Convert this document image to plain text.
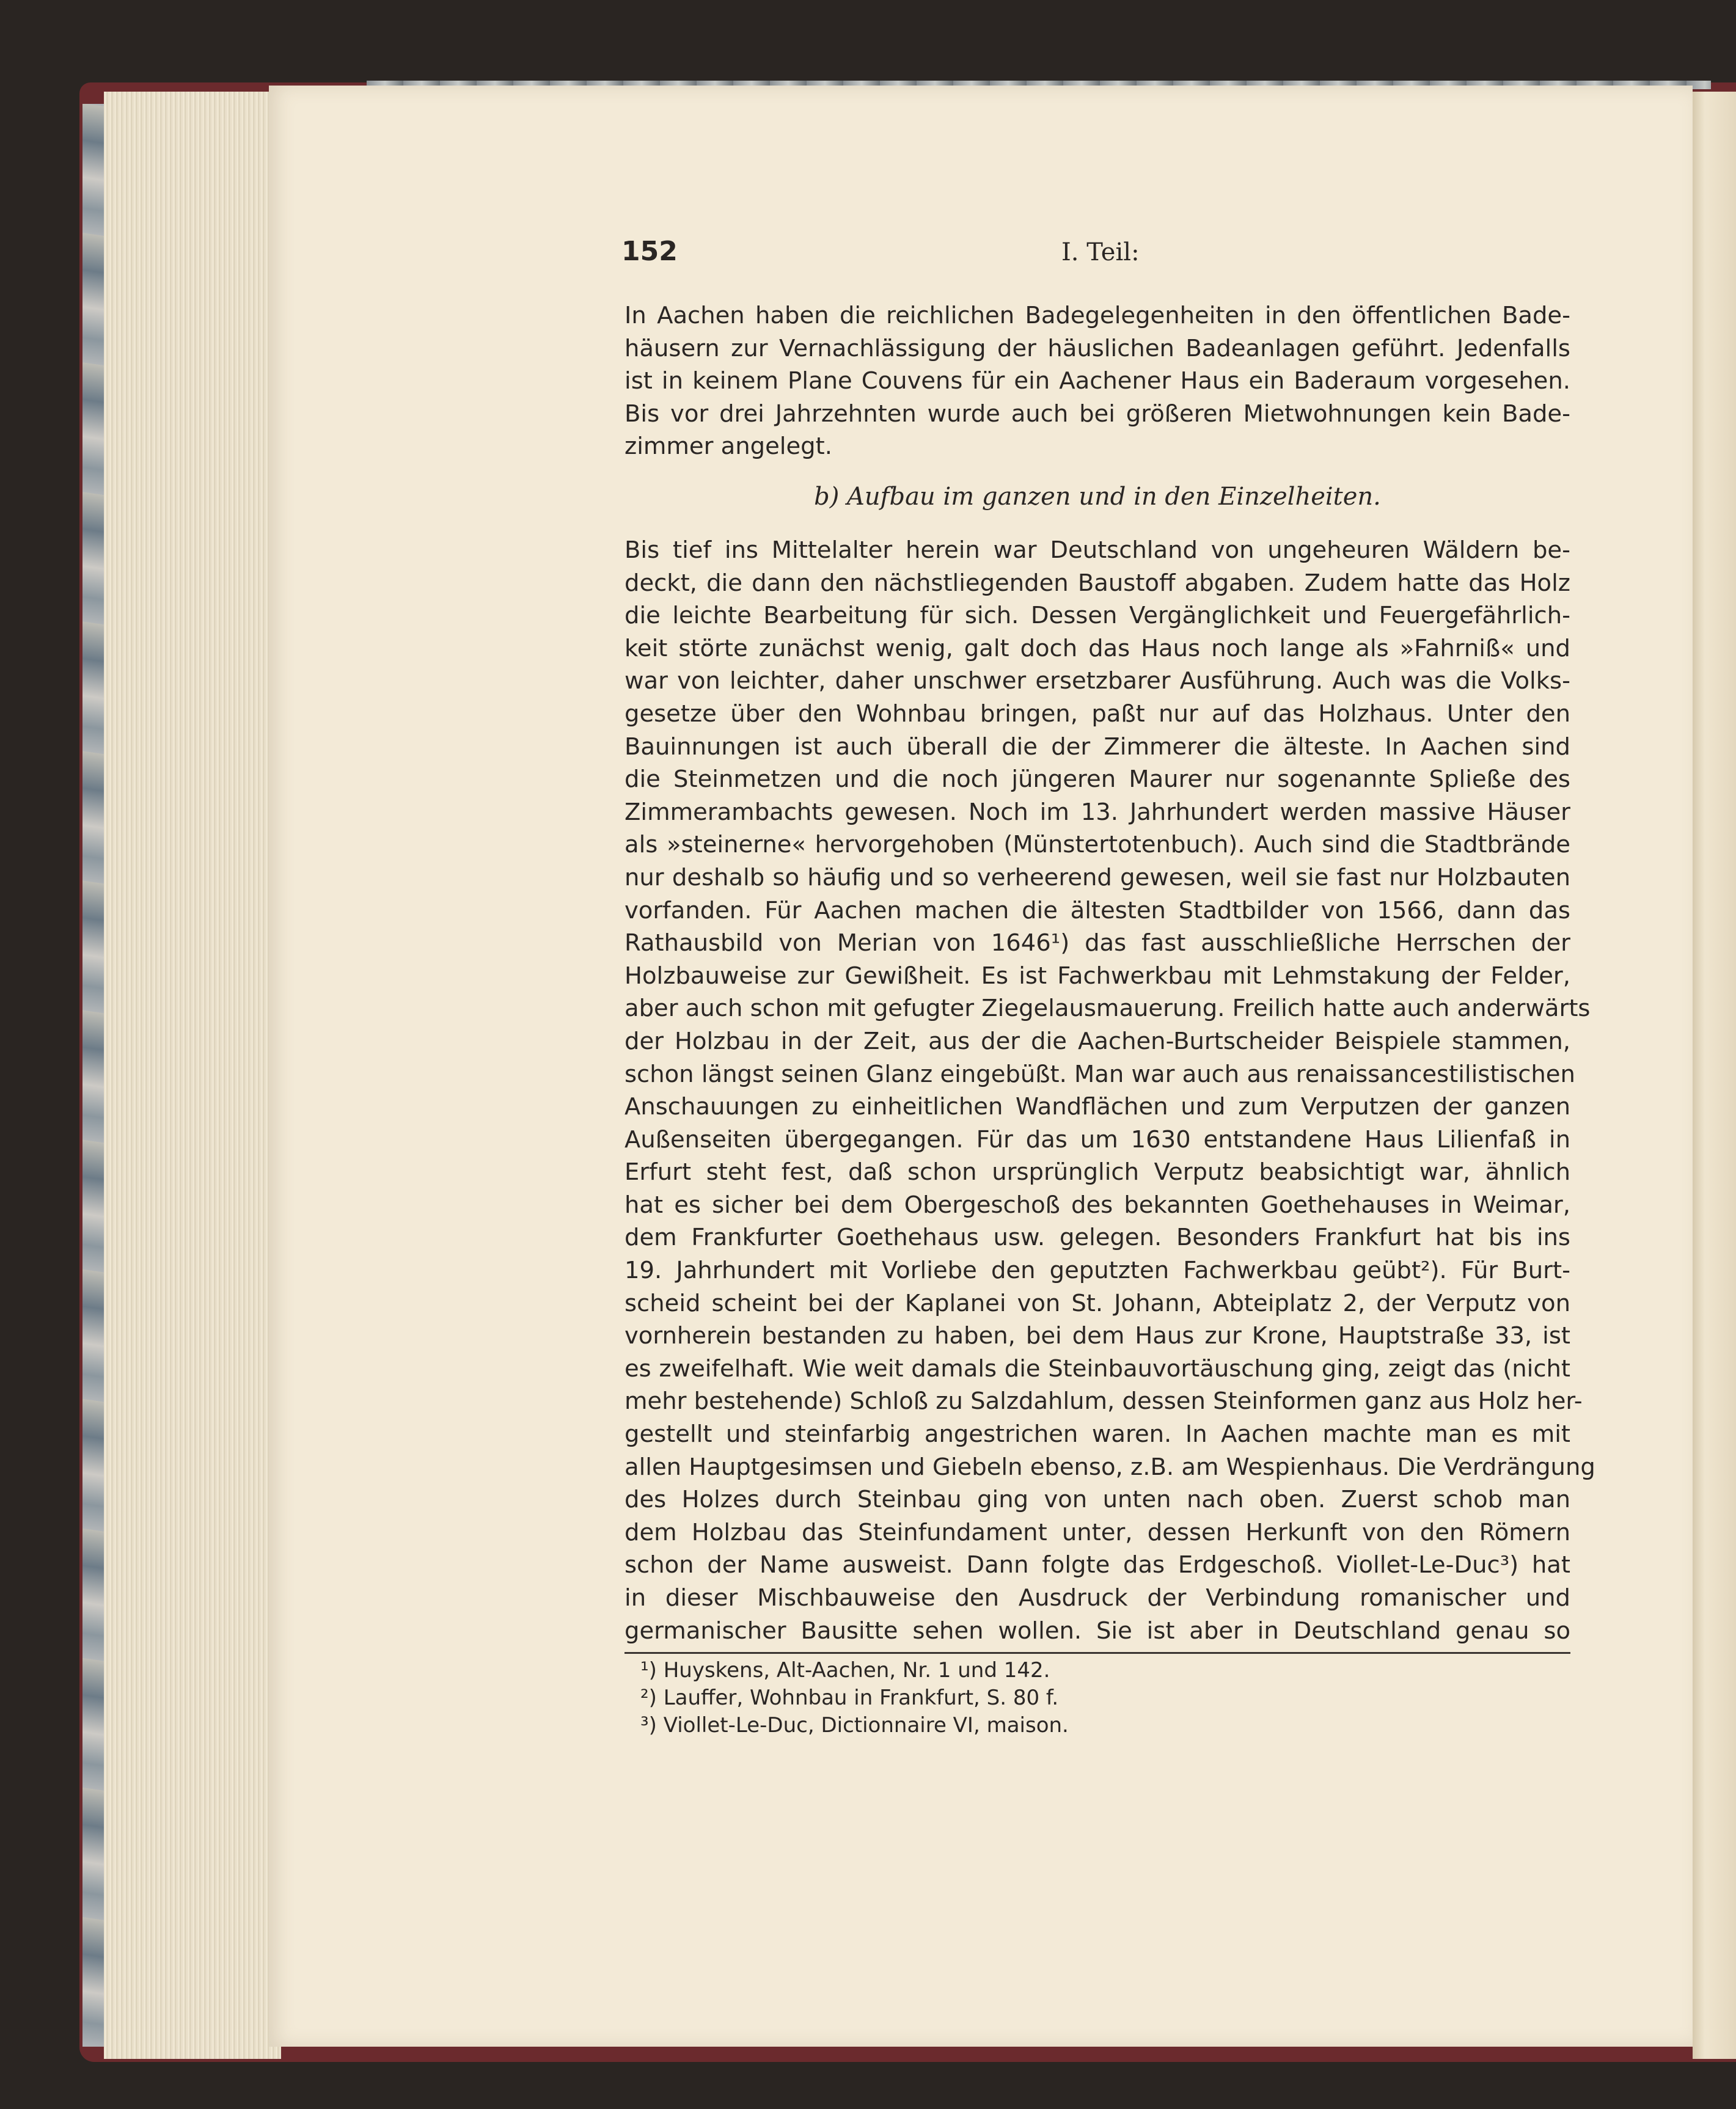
152	I. Teil:
In Aachen haben die reichlichen Badegelegenheiten in den öffentlichen Bade-
häusern zur Vernachlässigung der häuslichen Badeanlagen geführt. Jedenfalls
ist in keinem Plane Couvens für ein Aachener Haus ein Baderaum vorgesehen.
Bis vor drei Jahrzehnten wurde auch bei größeren Mietwohnungen kein Bade-
zimmer angelegt.

b) Aufbau im ganzen und in den Einzelheiten.

Bis tief ins Mittelalter herein war Deutschland von ungeheuren Wäldern be-
deckt, die dann den nächstliegenden Baustoff abgaben. Zudem hatte das Holz
die leichte Bearbeitung für sich. Dessen Vergänglichkeit und Feuergefährlich-
keit störte zunächst wenig, galt doch das Haus noch lange als »Fahrniß« und
war von leichter, daher unschwer ersetzbarer Ausführung. Auch was die Volks-
gesetze über den Wohnbau bringen, paßt nur auf das Holzhaus. Unter den
Bauinnungen ist auch überall die der Zimmerer die älteste. In Aachen sind
die Steinmetzen und die noch jüngeren Maurer nur sogenannte Spließe des
Zimmerambachts gewesen. Noch im 13. Jahrhundert werden massive Häuser
als »steinerne« hervorgehoben (Münstertotenbuch). Auch sind die Stadtbrände
nur deshalb so häufig und so verheerend gewesen, weil sie fast nur Holzbauten
vorfanden. Für Aachen machen die ältesten Stadtbilder von 1566, dann das
Rathausbild von Merian von 1646¹) das fast ausschließliche Herrschen der
Holzbauweise zur Gewißheit. Es ist Fachwerkbau mit Lehmstakung der Felder,
aber auch schon mit gefugter Ziegelausmauerung. Freilich hatte auch anderwärts
der Holzbau in der Zeit, aus der die Aachen-Burtscheider Beispiele stammen,
schon längst seinen Glanz eingebüßt. Man war auch aus renaissancestilistischen
Anschauungen zu einheitlichen Wandflächen und zum Verputzen der ganzen
Außenseiten übergegangen. Für das um 1630 entstandene Haus Lilienfaß in
Erfurt steht fest, daß schon ursprünglich Verputz beabsichtigt war, ähnlich
hat es sicher bei dem Obergeschoß des bekannten Goethehauses in Weimar,
dem Frankfurter Goethehaus usw. gelegen. Besonders Frankfurt hat bis ins
19. Jahrhundert mit Vorliebe den geputzten Fachwerkbau geübt²). Für Burt-
scheid scheint bei der Kaplanei von St. Johann, Abteiplatz 2, der Verputz von
vornherein bestanden zu haben, bei dem Haus zur Krone, Hauptstraße 33, ist
es zweifelhaft. Wie weit damals die Steinbauvortäuschung ging, zeigt das (nicht
mehr bestehende) Schloß zu Salzdahlum, dessen Steinformen ganz aus Holz her-
gestellt und steinfarbig angestrichen waren. In Aachen machte man es mit
allen Hauptgesimsen und Giebeln ebenso, z.B. am Wespienhaus. Die Verdrängung
des Holzes durch Steinbau ging von unten nach oben. Zuerst schob man
dem Holzbau das Steinfundament unter, dessen Herkunft von den Römern
schon der Name ausweist. Dann folgte das Erdgeschoß. Viollet-Le-Duc³) hat
in dieser Mischbauweise den Ausdruck der Verbindung romanischer und
germanischer Bausitte sehen wollen. Sie ist aber in Deutschland genau so
¹) Huyskens, Alt-Aachen, Nr. 1 und 142.
²) Lauffer, Wohnbau in Frankfurt, S. 80 f.
³) Viollet-Le-Duc, Dictionnaire VI, maison.
